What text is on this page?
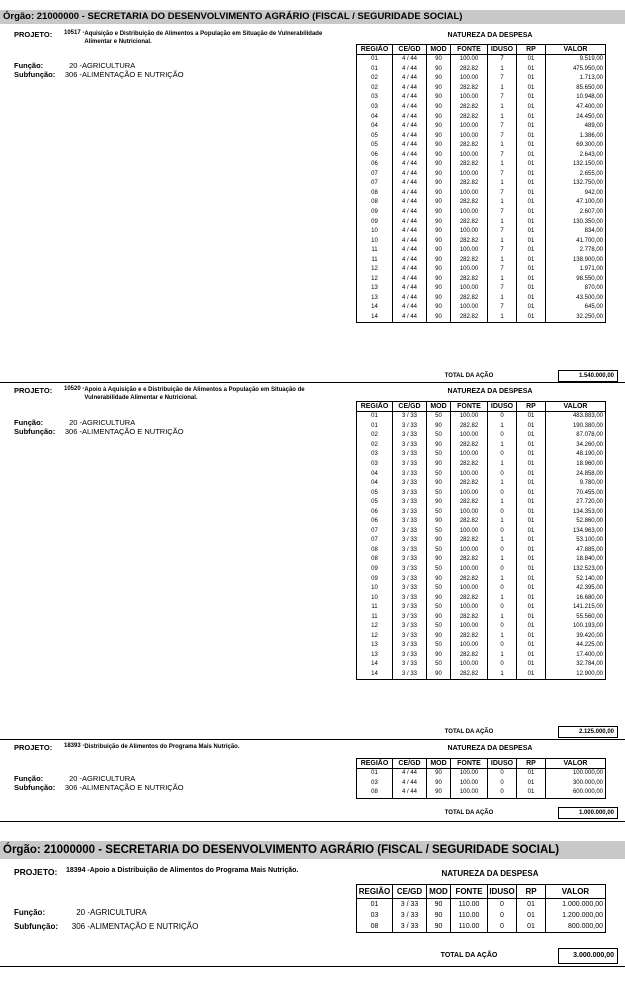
Órgão: 21000000 - SECRETARIA DO DESENVOLVIMENTO AGRÁRIO (FISCAL / SEGURIDADE SOCIAL)
PROJETO:	10517 - Aquisição e Distribuição de Alimentos a População em Situação de Vulnerabilidade Alimentar e Nutricional.
Função:	20 -AGRICULTURA
Subfunção: 306 -ALIMENTAÇÃO E NUTRIÇÃO
NATUREZA DA DESPESA
REGIÃO	CE/GD	MOD	FONTE	IDUSO	RP	VALOR
01	4 / 44	90	100.00	7	01	9.519,00
01	4 / 44	90	282.82	1	01	475.950,00
02	4 / 44	90	100.00	7	01	1.713,00
02	4 / 44	90	282.82	1	01	85.650,00
03	4 / 44	90	100.00	7	01	10.948,00
03	4 / 44	90	282.82	1	01	47.400,00
04	4 / 44	90	282.82	1	01	24.450,00
04	4 / 44	90	100.00	7	01	489,00
05	4 / 44	90	100.00	7	01	1.386,00
05	4 / 44	90	282.82	1	01	69.300,00
06	4 / 44	90	100.00	7	01	2.643,00
06	4 / 44	90	282.82	1	01	132.150,00
07	4 / 44	90	100.00	7	01	2.655,00
07	4 / 44	90	282.82	1	01	132.750,00
08	4 / 44	90	100.00	7	01	942,00
08	4 / 44	90	282.82	1	01	47.100,00
09	4 / 44	90	100.00	7	01	2.607,00
09	4 / 44	90	282.82	1	01	130.350,00
10	4 / 44	90	100.00	7	01	834,00
10	4 / 44	90	282.82	1	01	41.700,00
11	4 / 44	90	100.00	7	01	2.778,00
11	4 / 44	90	282.82	1	01	138.900,00
12	4 / 44	90	100.00	7	01	1.971,00
12	4 / 44	90	282.82	1	01	98.550,00
13	4 / 44	90	100.00	7	01	870,00
13	4 / 44	90	282.82	1	01	43.500,00
14	4 / 44	90	100.00	7	01	645,00
14	4 / 44	90	282.82	1	01	32.250,00
TOTAL DA AÇÃO	1.540.000,00
PROJETO:	10520 - Apoio à Aquisição e e Distribuição de Alimentos a População em Situação de Vulnerabilidade Alimentar e Nutricional.
Função:	20 -AGRICULTURA
Subfunção: 306 -ALIMENTAÇÃO E NUTRIÇÃO
NATUREZA DA DESPESA
REGIÃO	CE/GD	MOD	FONTE	IDUSO	RP	VALOR
01	3 / 33	50	100.00	0	01	483.883,00
01	3 / 33	90	282.82	1	01	190.380,00
02	3 / 33	50	100.00	0	01	87.078,00
02	3 / 33	90	282.82	1	01	34.260,00
03	3 / 33	50	100.00	0	01	48.190,00
03	3 / 33	90	282.82	1	01	18.960,00
04	3 / 33	50	100.00	0	01	24.858,00
04	3 / 33	90	282.82	1	01	9.780,00
05	3 / 33	50	100.00	0	01	70.455,00
05	3 / 33	90	282.82	1	01	27.720,00
06	3 / 33	50	100.00	0	01	134.353,00
06	3 / 33	90	282.82	1	01	52.860,00
07	3 / 33	50	100.00	0	01	134.963,00
07	3 / 33	90	282.82	1	01	53.100,00
08	3 / 33	50	100.00	0	01	47.885,00
08	3 / 33	90	282.82	1	01	18.840,00
09	3 / 33	50	100.00	0	01	132.523,00
09	3 / 33	90	282.82	1	01	52.140,00
10	3 / 33	50	100.00	0	01	42.395,00
10	3 / 33	90	282.82	1	01	16.680,00
11	3 / 33	50	100.00	0	01	141.215,00
11	3 / 33	90	282.82	1	01	55.560,00
12	3 / 33	50	100.00	0	01	100.193,00
12	3 / 33	90	282.82	1	01	39.420,00
13	3 / 33	50	100.00	0	01	44.225,00
13	3 / 33	90	282.82	1	01	17.400,00
14	3 / 33	50	100.00	0	01	32.784,00
14	3 / 33	90	282.82	1	01	12.900,00
TOTAL DA AÇÃO	2.125.000,00
PROJETO:	18393 - Distribuição de Alimentos do Programa Mais Nutrição.
Função:	20 -AGRICULTURA
Subfunção: 306 -ALIMENTAÇÃO E NUTRIÇÃO
NATUREZA DA DESPESA
REGIÃO	CE/GD	MOD	FONTE	IDUSO	RP	VALOR
01	4 / 44	90	100.00	0	01	100.000,00
03	4 / 44	90	100.00	0	01	300.000,00
08	4 / 44	90	100.00	0	01	600.000,00
TOTAL DA AÇÃO	1.000.000,00
Órgão: 21000000 - SECRETARIA DO DESENVOLVIMENTO AGRÁRIO (FISCAL / SEGURIDADE SOCIAL)
PROJETO:	18394 - Apoio a Distribuição de Alimentos do Programa Mais Nutrição.
Função:	20 -AGRICULTURA
Subfunção: 306 -ALIMENTAÇÃO E NUTRIÇÃO
NATUREZA DA DESPESA
REGIÃO	CE/GD	MOD	FONTE	IDUSO	RP	VALOR
01	3 / 33	90	110.00	0	01	1.000.000,00
03	3 / 33	90	110.00	0	01	1.200.000,00
08	3 / 33	90	110.00	0	01	800.000,00
TOTAL DA AÇÃO	3.000.000,00
